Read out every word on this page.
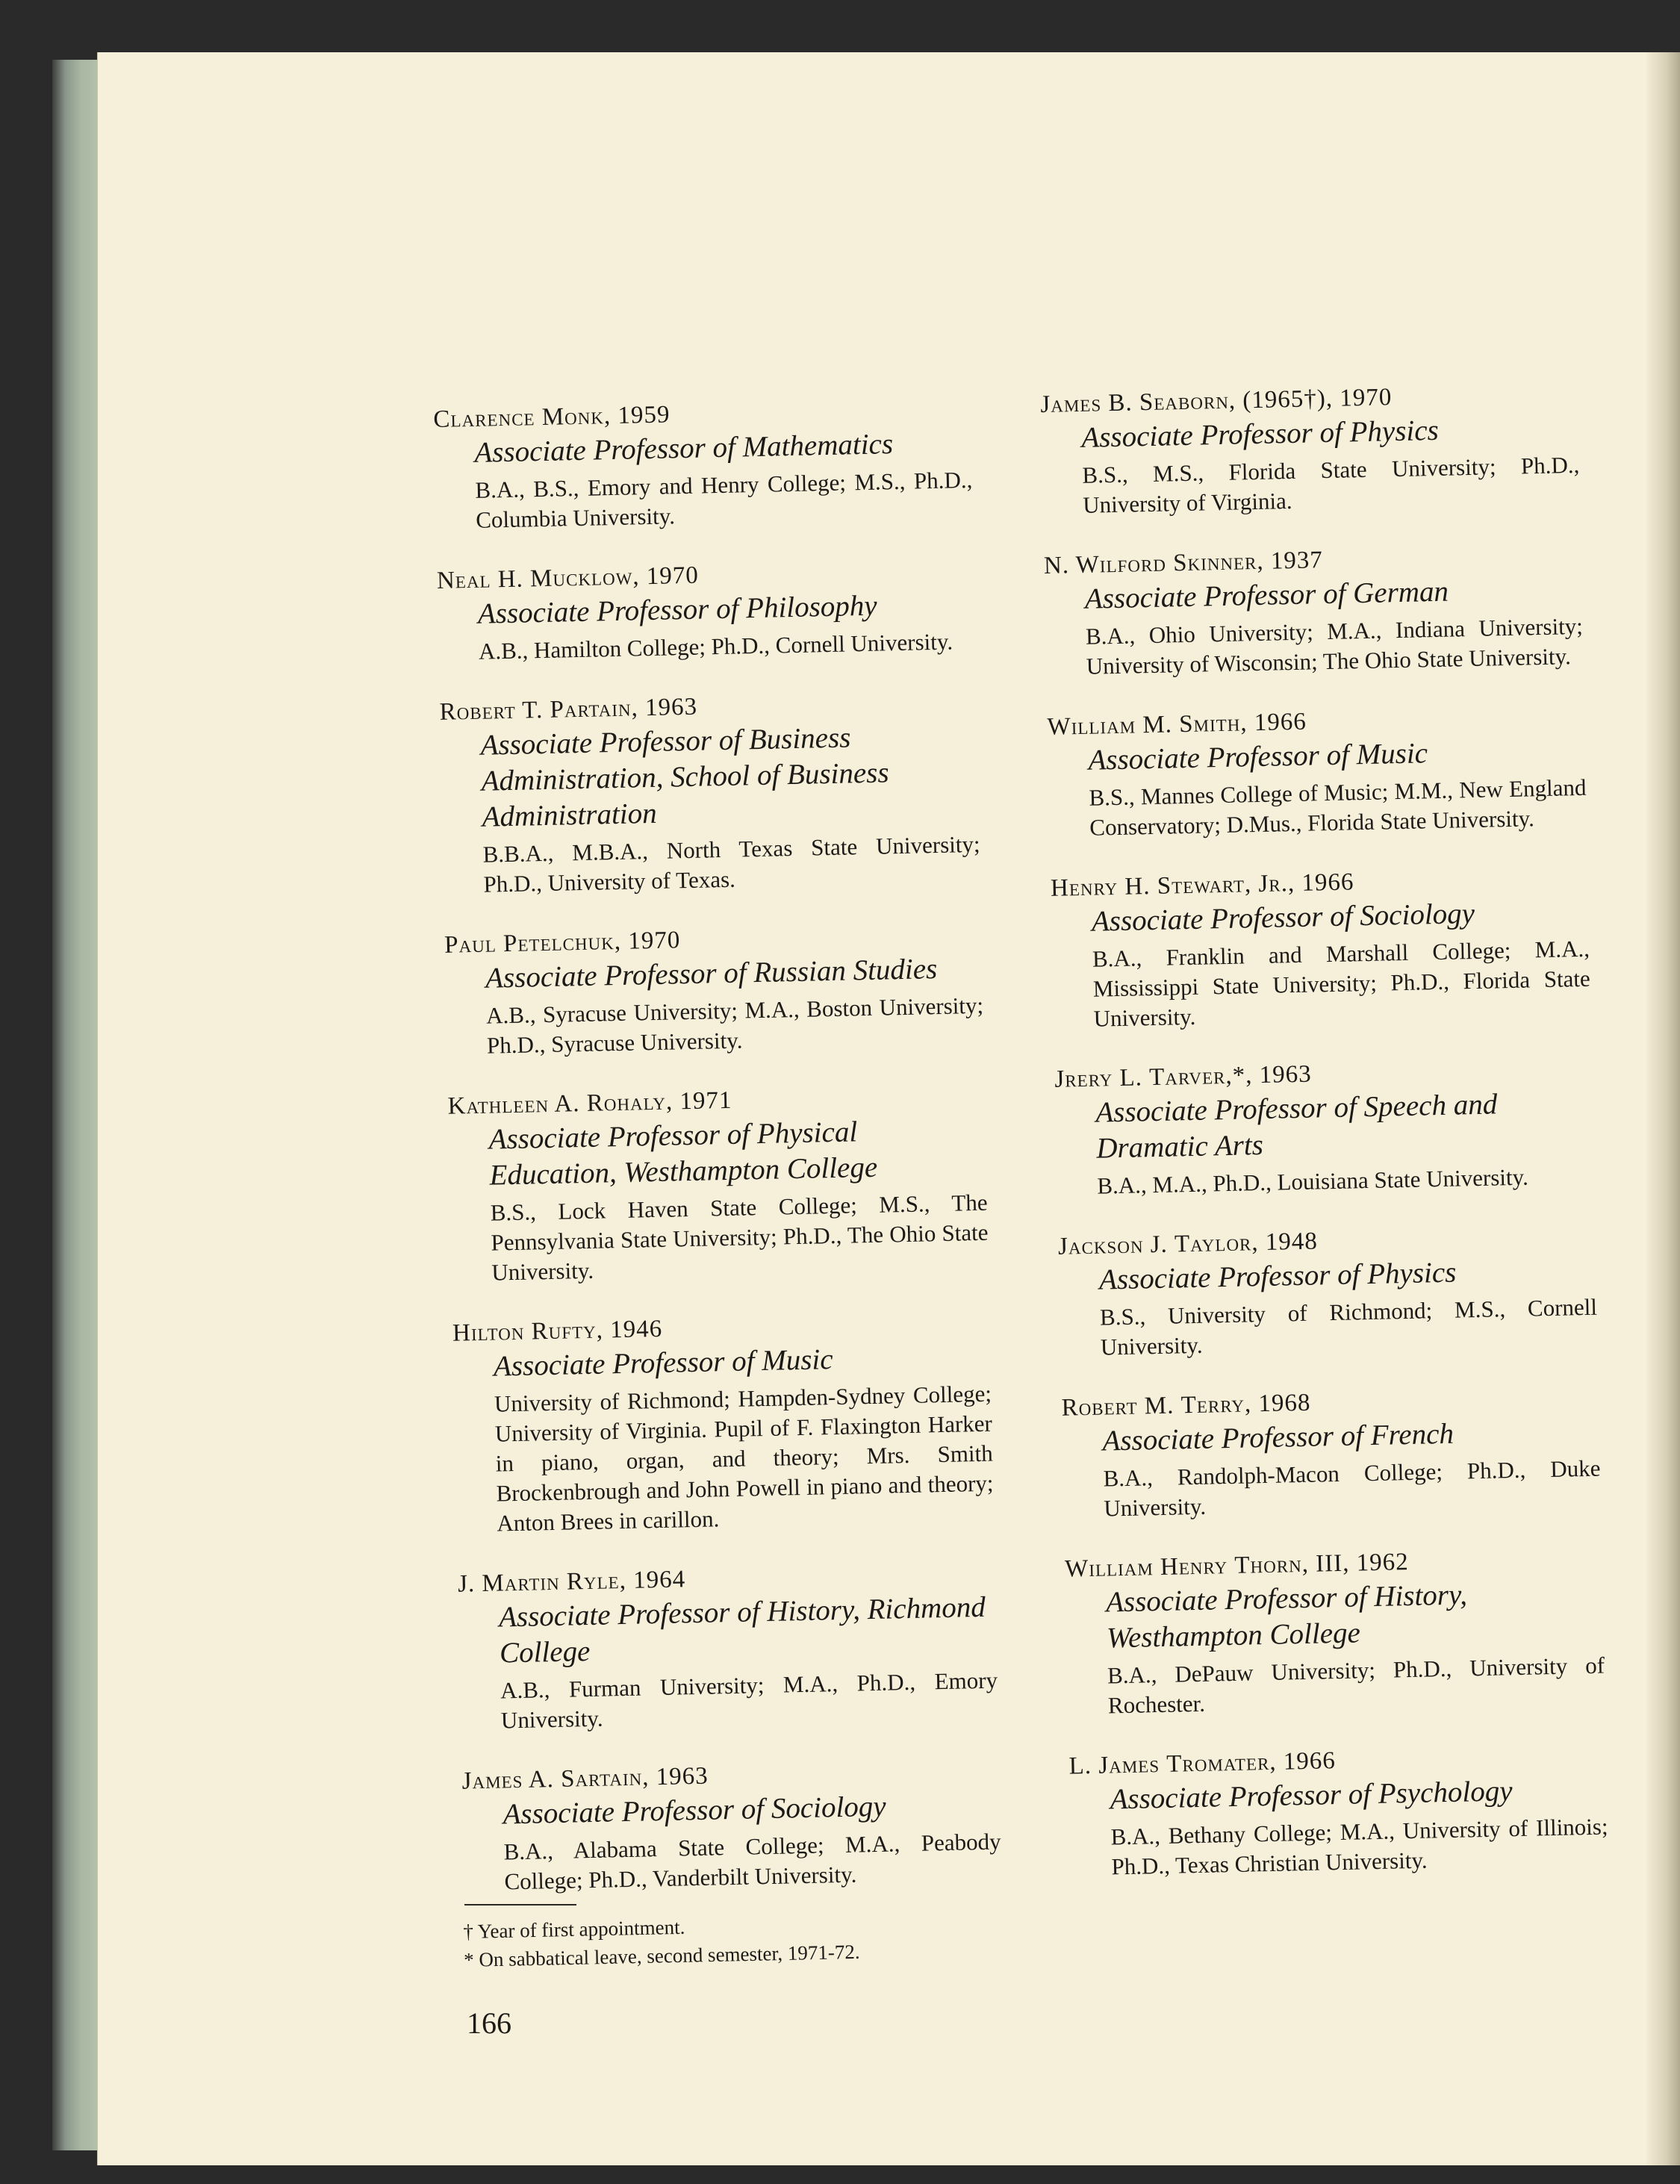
Clarence Monk, 1959
Associate Professor of Mathematics
B.A., B.S., Emory and Henry College; M.S., Ph.D., Columbia University.
Neal H. Mucklow, 1970
Associate Professor of Philosophy
A.B., Hamilton College; Ph.D., Cornell University.
Robert T. Partain, 1963
Associate Professor of Business Administration, School of Business Administration
B.B.A., M.B.A., North Texas State University; Ph.D., University of Texas.
Paul Petelchuk, 1970
Associate Professor of Russian Studies
A.B., Syracuse University; M.A., Boston University; Ph.D., Syracuse University.
Kathleen A. Rohaly, 1971
Associate Professor of Physical Education, Westhampton College
B.S., Lock Haven State College; M.S., The Pennsylvania State University; Ph.D., The Ohio State University.
Hilton Rufty, 1946
Associate Professor of Music
University of Richmond; Hampden-Sydney College; University of Virginia. Pupil of F. Flaxington Harker in piano, organ, and theory; Mrs. Smith Brockenbrough and John Powell in piano and theory; Anton Brees in carillon.
J. Martin Ryle, 1964
Associate Professor of History, Richmond College
A.B., Furman University; M.A., Ph.D., Emory University.
James A. Sartain, 1963
Associate Professor of Sociology
B.A., Alabama State College; M.A., Peabody College; Ph.D., Vanderbilt University.
James B. Seaborn, (1965†), 1970
Associate Professor of Physics
B.S., M.S., Florida State University; Ph.D., University of Virginia.
N. Wilford Skinner, 1937
Associate Professor of German
B.A., Ohio University; M.A., Indiana University; University of Wisconsin; The Ohio State University.
William M. Smith, 1966
Associate Professor of Music
B.S., Mannes College of Music; M.M., New England Conservatory; D.Mus., Florida State University.
Henry H. Stewart, Jr., 1966
Associate Professor of Sociology
B.A., Franklin and Marshall College; M.A., Mississippi State University; Ph.D., Florida State University.
Jrery L. Tarver,*, 1963
Associate Professor of Speech and Dramatic Arts
B.A., M.A., Ph.D., Louisiana State University.
Jackson J. Taylor, 1948
Associate Professor of Physics
B.S., University of Richmond; M.S., Cornell University.
Robert M. Terry, 1968
Associate Professor of French
B.A., Randolph-Macon College; Ph.D., Duke University.
William Henry Thorn, III, 1962
Associate Professor of History, Westhampton College
B.A., DePauw University; Ph.D., University of Rochester.
L. James Tromater, 1966
Associate Professor of Psychology
B.A., Bethany College; M.A., University of Illinois; Ph.D., Texas Christian University.
† Year of first appointment.
* On sabbatical leave, second semester, 1971-72.
166
